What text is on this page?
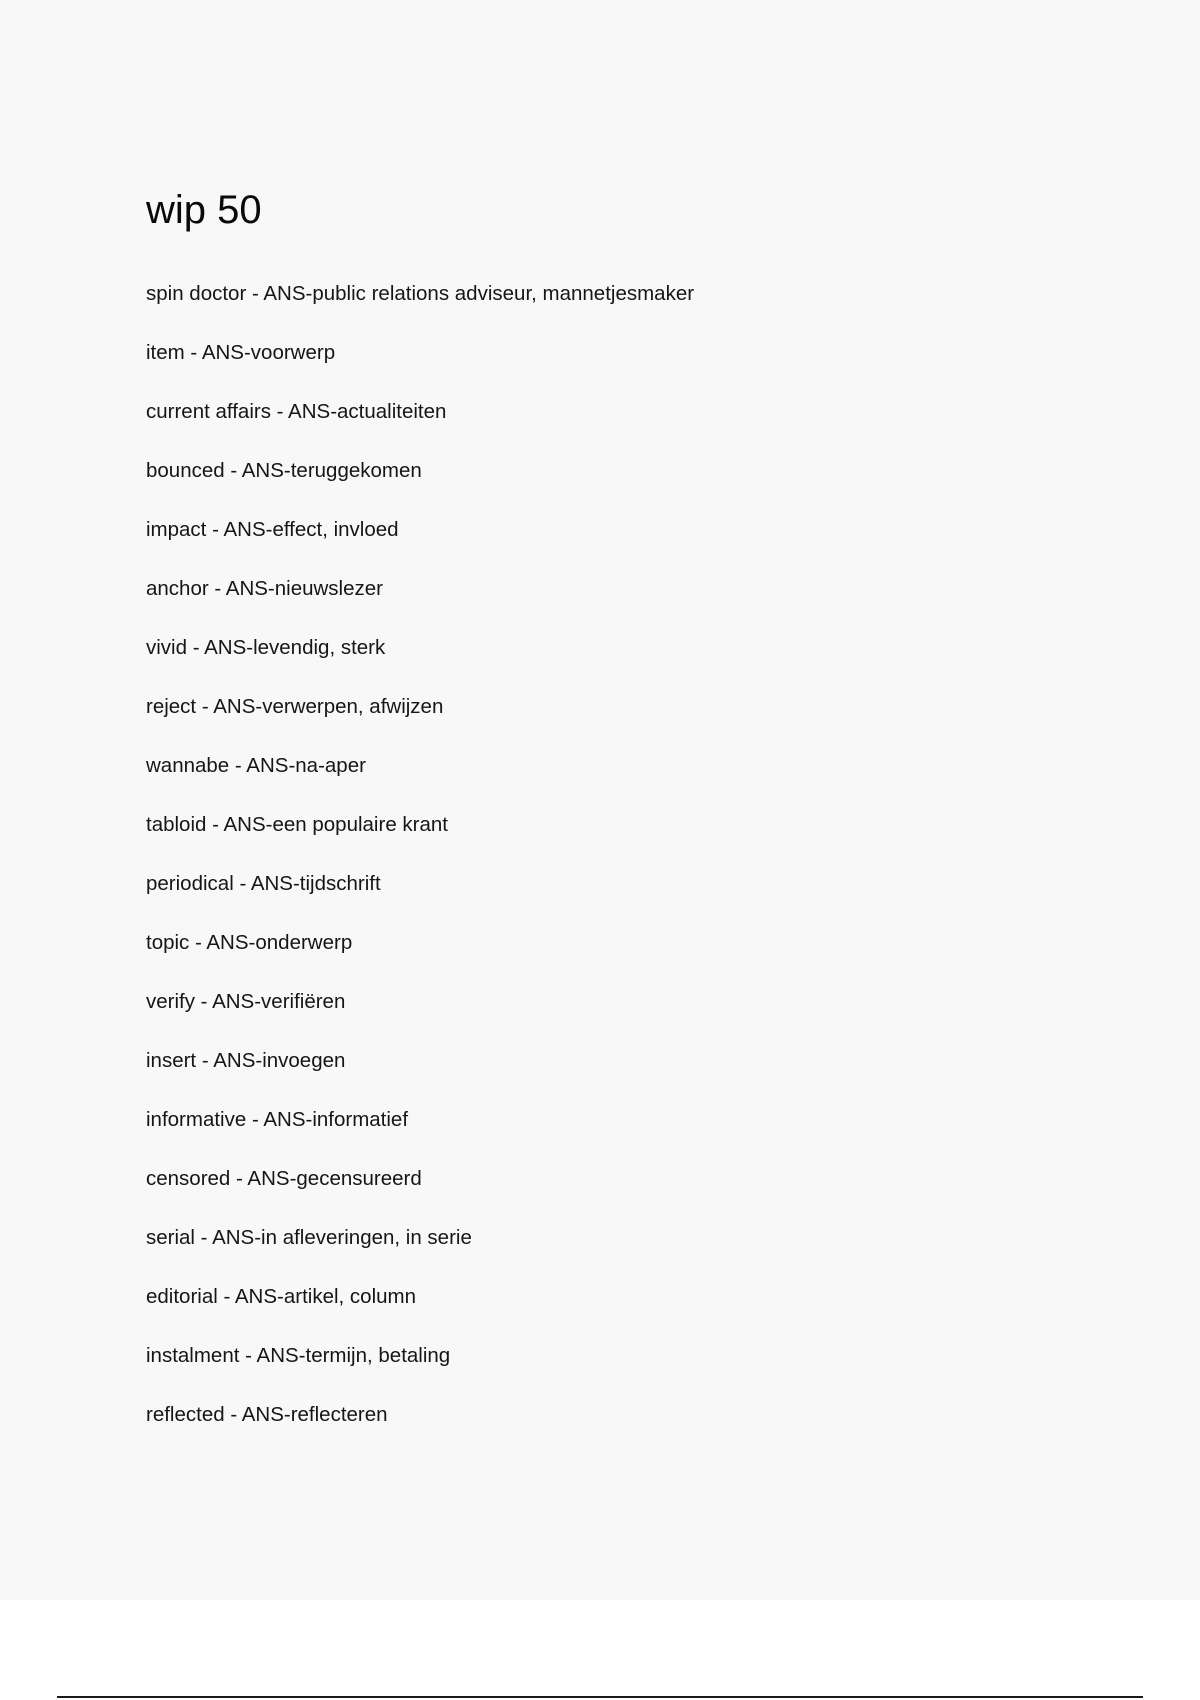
wip 50
spin doctor - ANS-public relations adviseur, mannetjesmaker
item - ANS-voorwerp
current affairs - ANS-actualiteiten
bounced - ANS-teruggekomen
impact - ANS-effect, invloed
anchor - ANS-nieuwslezer
vivid - ANS-levendig, sterk
reject - ANS-verwerpen, afwijzen
wannabe - ANS-na-aper
tabloid - ANS-een populaire krant
periodical - ANS-tijdschrift
topic - ANS-onderwerp
verify - ANS-verifiëren
insert - ANS-invoegen
informative - ANS-informatief
censored - ANS-gecensureerd
serial - ANS-in afleveringen, in serie
editorial - ANS-artikel, column
instalment - ANS-termijn, betaling
reflected - ANS-reflecteren
